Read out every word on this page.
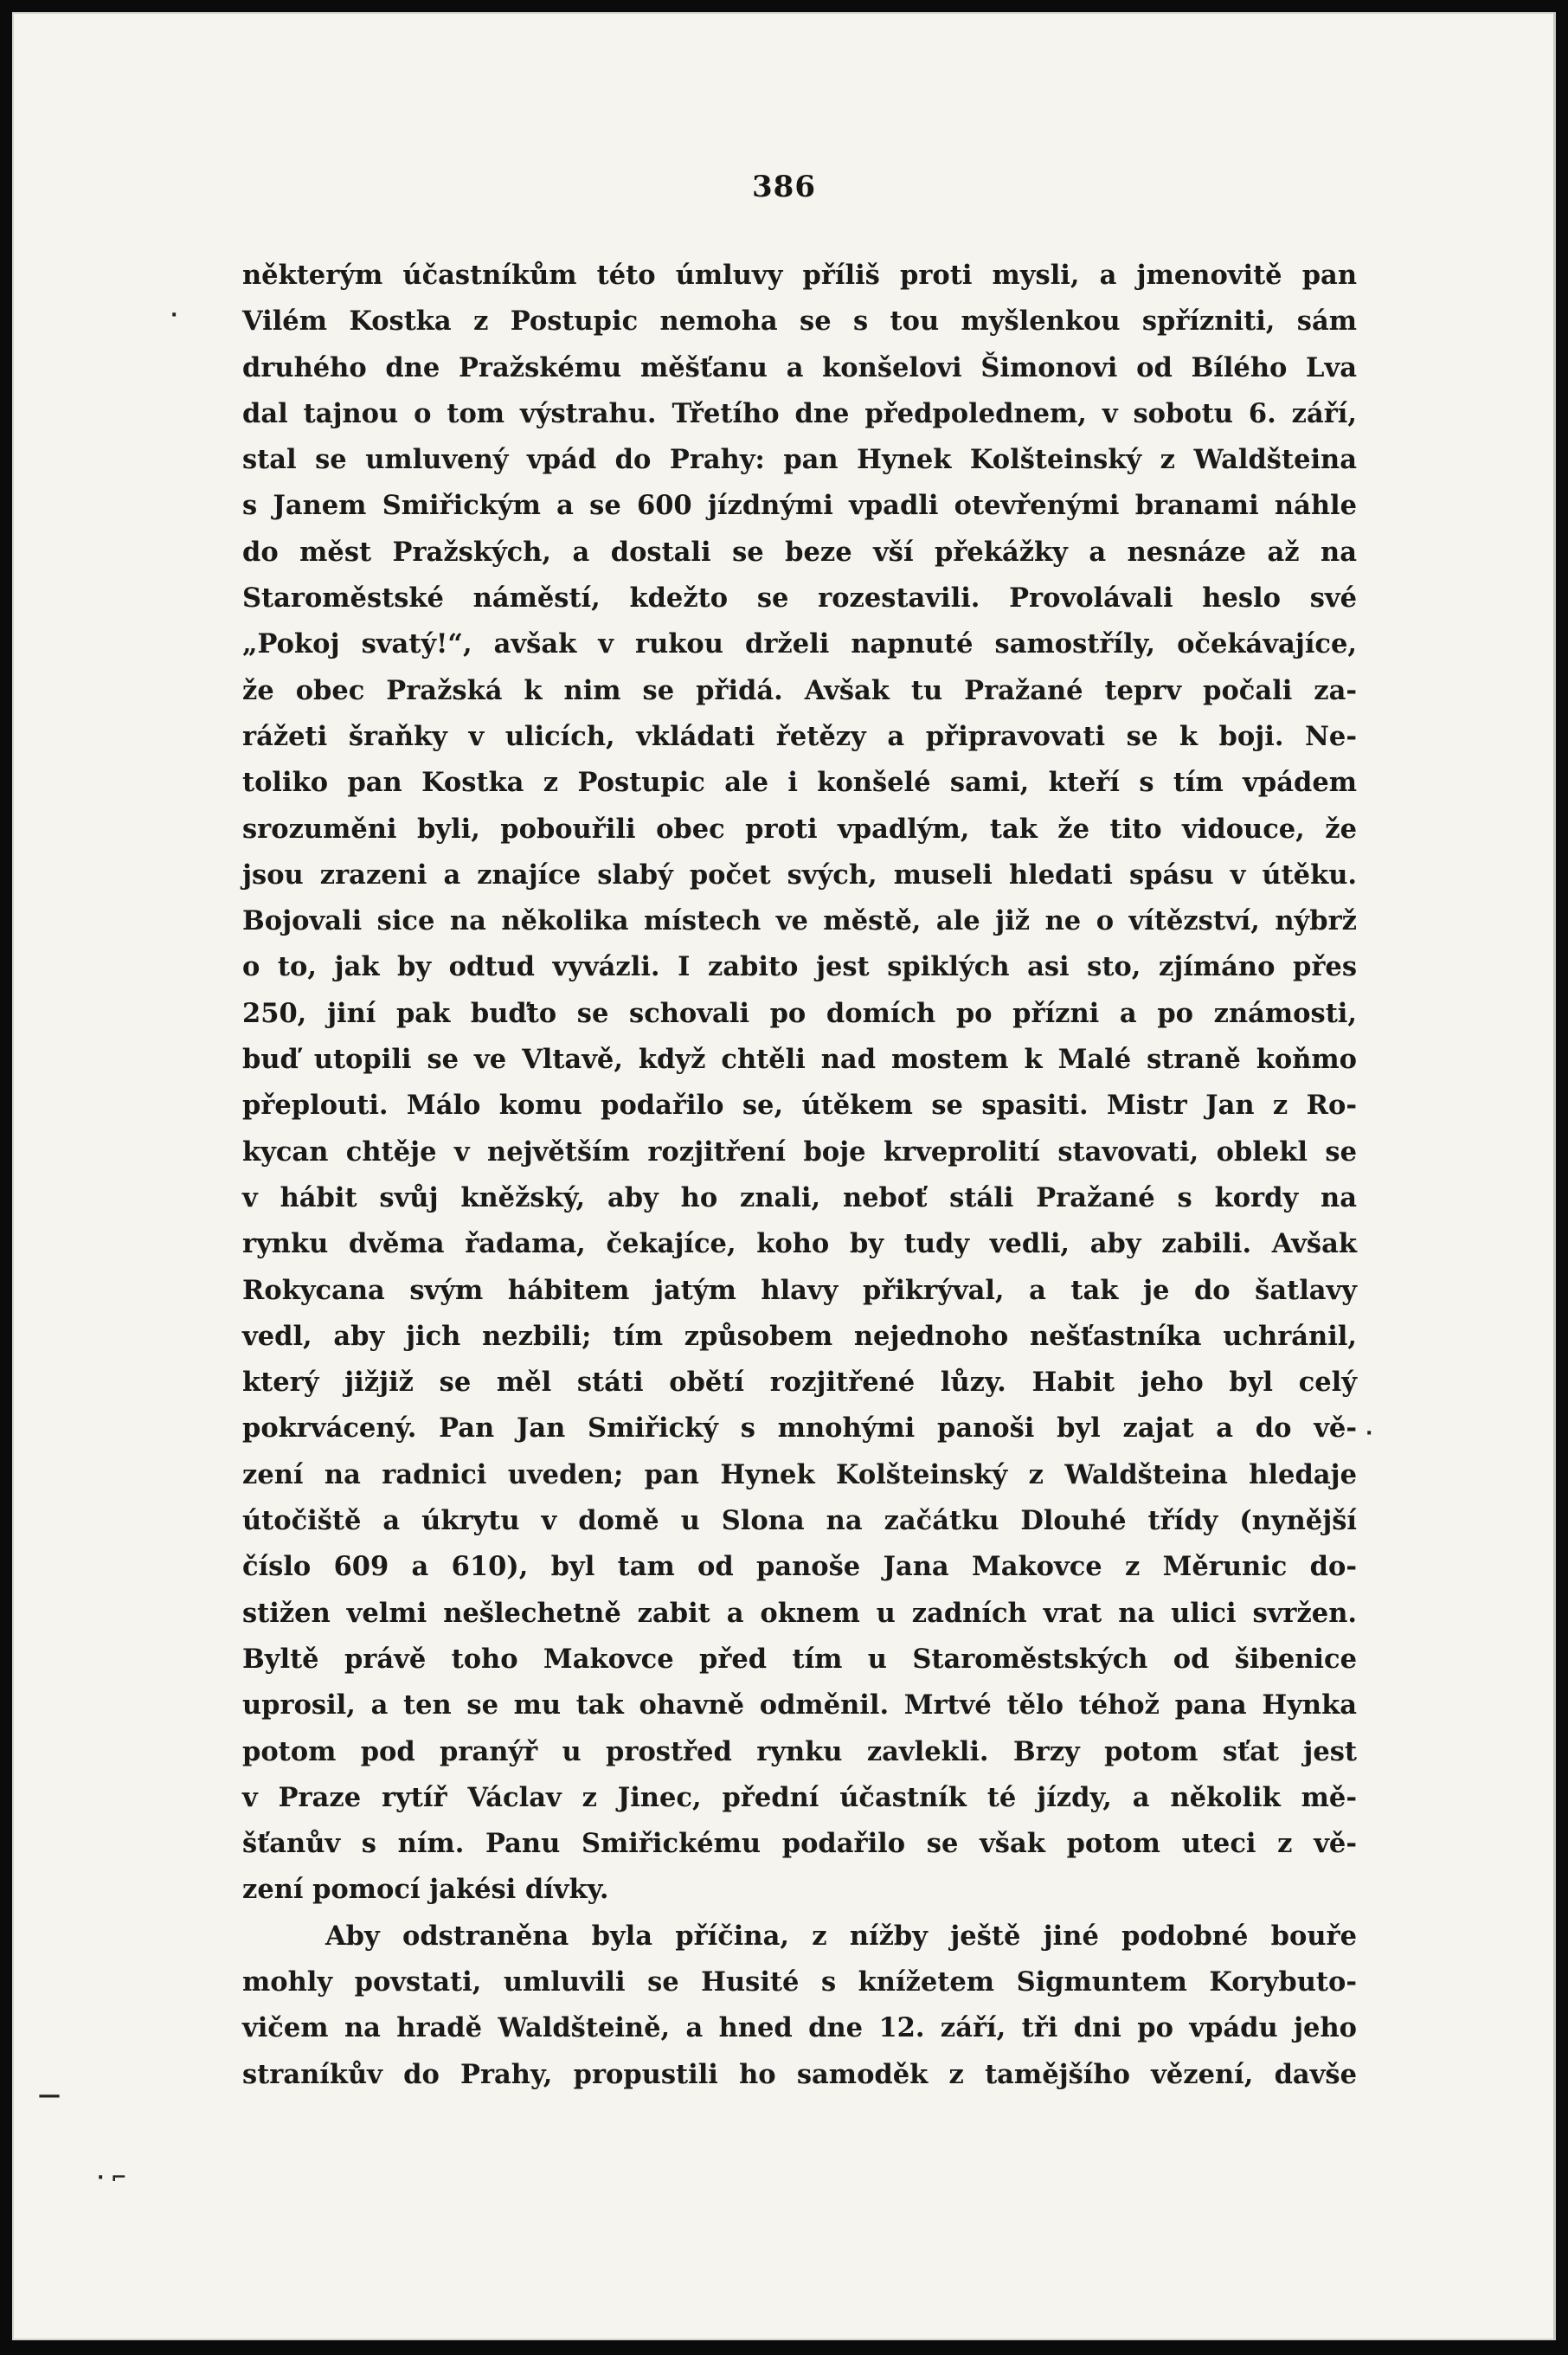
386
některým účastníkům této úmluvy příliš proti mysli, a jmenovitě pan
Vilém Kostka z Postupic nemoha se s tou myšlenkou spřízniti, sám
druhého dne Pražskému měšťanu a konšelovi Šimonovi od Bílého Lva
dal tajnou o tom výstrahu. Třetího dne předpolednem, v sobotu 6. září,
stal se umluvený vpád do Prahy: pan Hynek Kolšteinský z Waldšteina
s Janem Smiřickým a se 600 jízdnými vpadli otevřenými branami náhle
do měst Pražských, a dostali se beze vší překážky a nesnáze až na
Staroměstské náměstí, kdežto se rozestavili. Provolávali heslo své
„Pokoj svatý!“, avšak v rukou drželi napnuté samostříly, očekávajíce,
že obec Pražská k nim se přidá. Avšak tu Pražané teprv počali za-
rážeti šraňky v ulicích, vkládati řetězy a připravovati se k boji. Ne-
toliko pan Kostka z Postupic ale i konšelé sami, kteří s tím vpádem
srozuměni byli, pobouřili obec proti vpadlým, tak že tito vidouce, že
jsou zrazeni a znajíce slabý počet svých, museli hledati spásu v útěku.
Bojovali sice na několika místech ve městě, ale již ne o vítězství, nýbrž
o to, jak by odtud vyvázli. I zabito jest spiklých asi sto, zjímáno přes
250, jiní pak buďto se schovali po domích po přízni a po známosti,
buď utopili se ve Vltavě, když chtěli nad mostem k Malé straně koňmo
přeplouti. Málo komu podařilo se, útěkem se spasiti. Mistr Jan z Ro-
kycan chtěje v největším rozjitření boje krveprolití stavovati, oblekl se
v hábit svůj kněžský, aby ho znali, neboť stáli Pražané s kordy na
rynku dvěma řadama, čekajíce, koho by tudy vedli, aby zabili. Avšak
Rokycana svým hábitem jatým hlavy přikrýval, a tak je do šatlavy
vedl, aby jich nezbili; tím způsobem nejednoho nešťastníka uchránil,
který jižjiž se měl státi obětí rozjitřené lůzy. Habit jeho byl celý
pokrvácený. Pan Jan Smiřický s mnohými panoši byl zajat a do vě-
zení na radnici uveden; pan Hynek Kolšteinský z Waldšteina hledaje
útočiště a úkrytu v domě u Slona na začátku Dlouhé třídy (nynější
číslo 609 a 610), byl tam od panoše Jana Makovce z Měrunic do-
stižen velmi nešlechetně zabit a oknem u zadních vrat na ulici svržen.
Byltě právě toho Makovce před tím u Staroměstských od šibenice
uprosil, a ten se mu tak ohavně odměnil. Mrtvé tělo téhož pana Hynka
potom pod pranýř u prostřed rynku zavlekli. Brzy potom sťat jest
v Praze rytíř Václav z Jinec, přední účastník té jízdy, a několik mě-
šťanův s ním. Panu Smiřickému podařilo se však potom uteci z vě-
zení pomocí jakési dívky.
Aby odstraněna byla příčina, z nížby ještě jiné podobné bouře
mohly povstati, umluvili se Husité s knížetem Sigmuntem Korybuto-
vičem na hradě Waldšteině, a hned dne 12. září, tři dni po vpádu jeho
straníkův do Prahy, propustili ho samoděk z tamějšího vězení, davše
·
·
—
· ⌐
